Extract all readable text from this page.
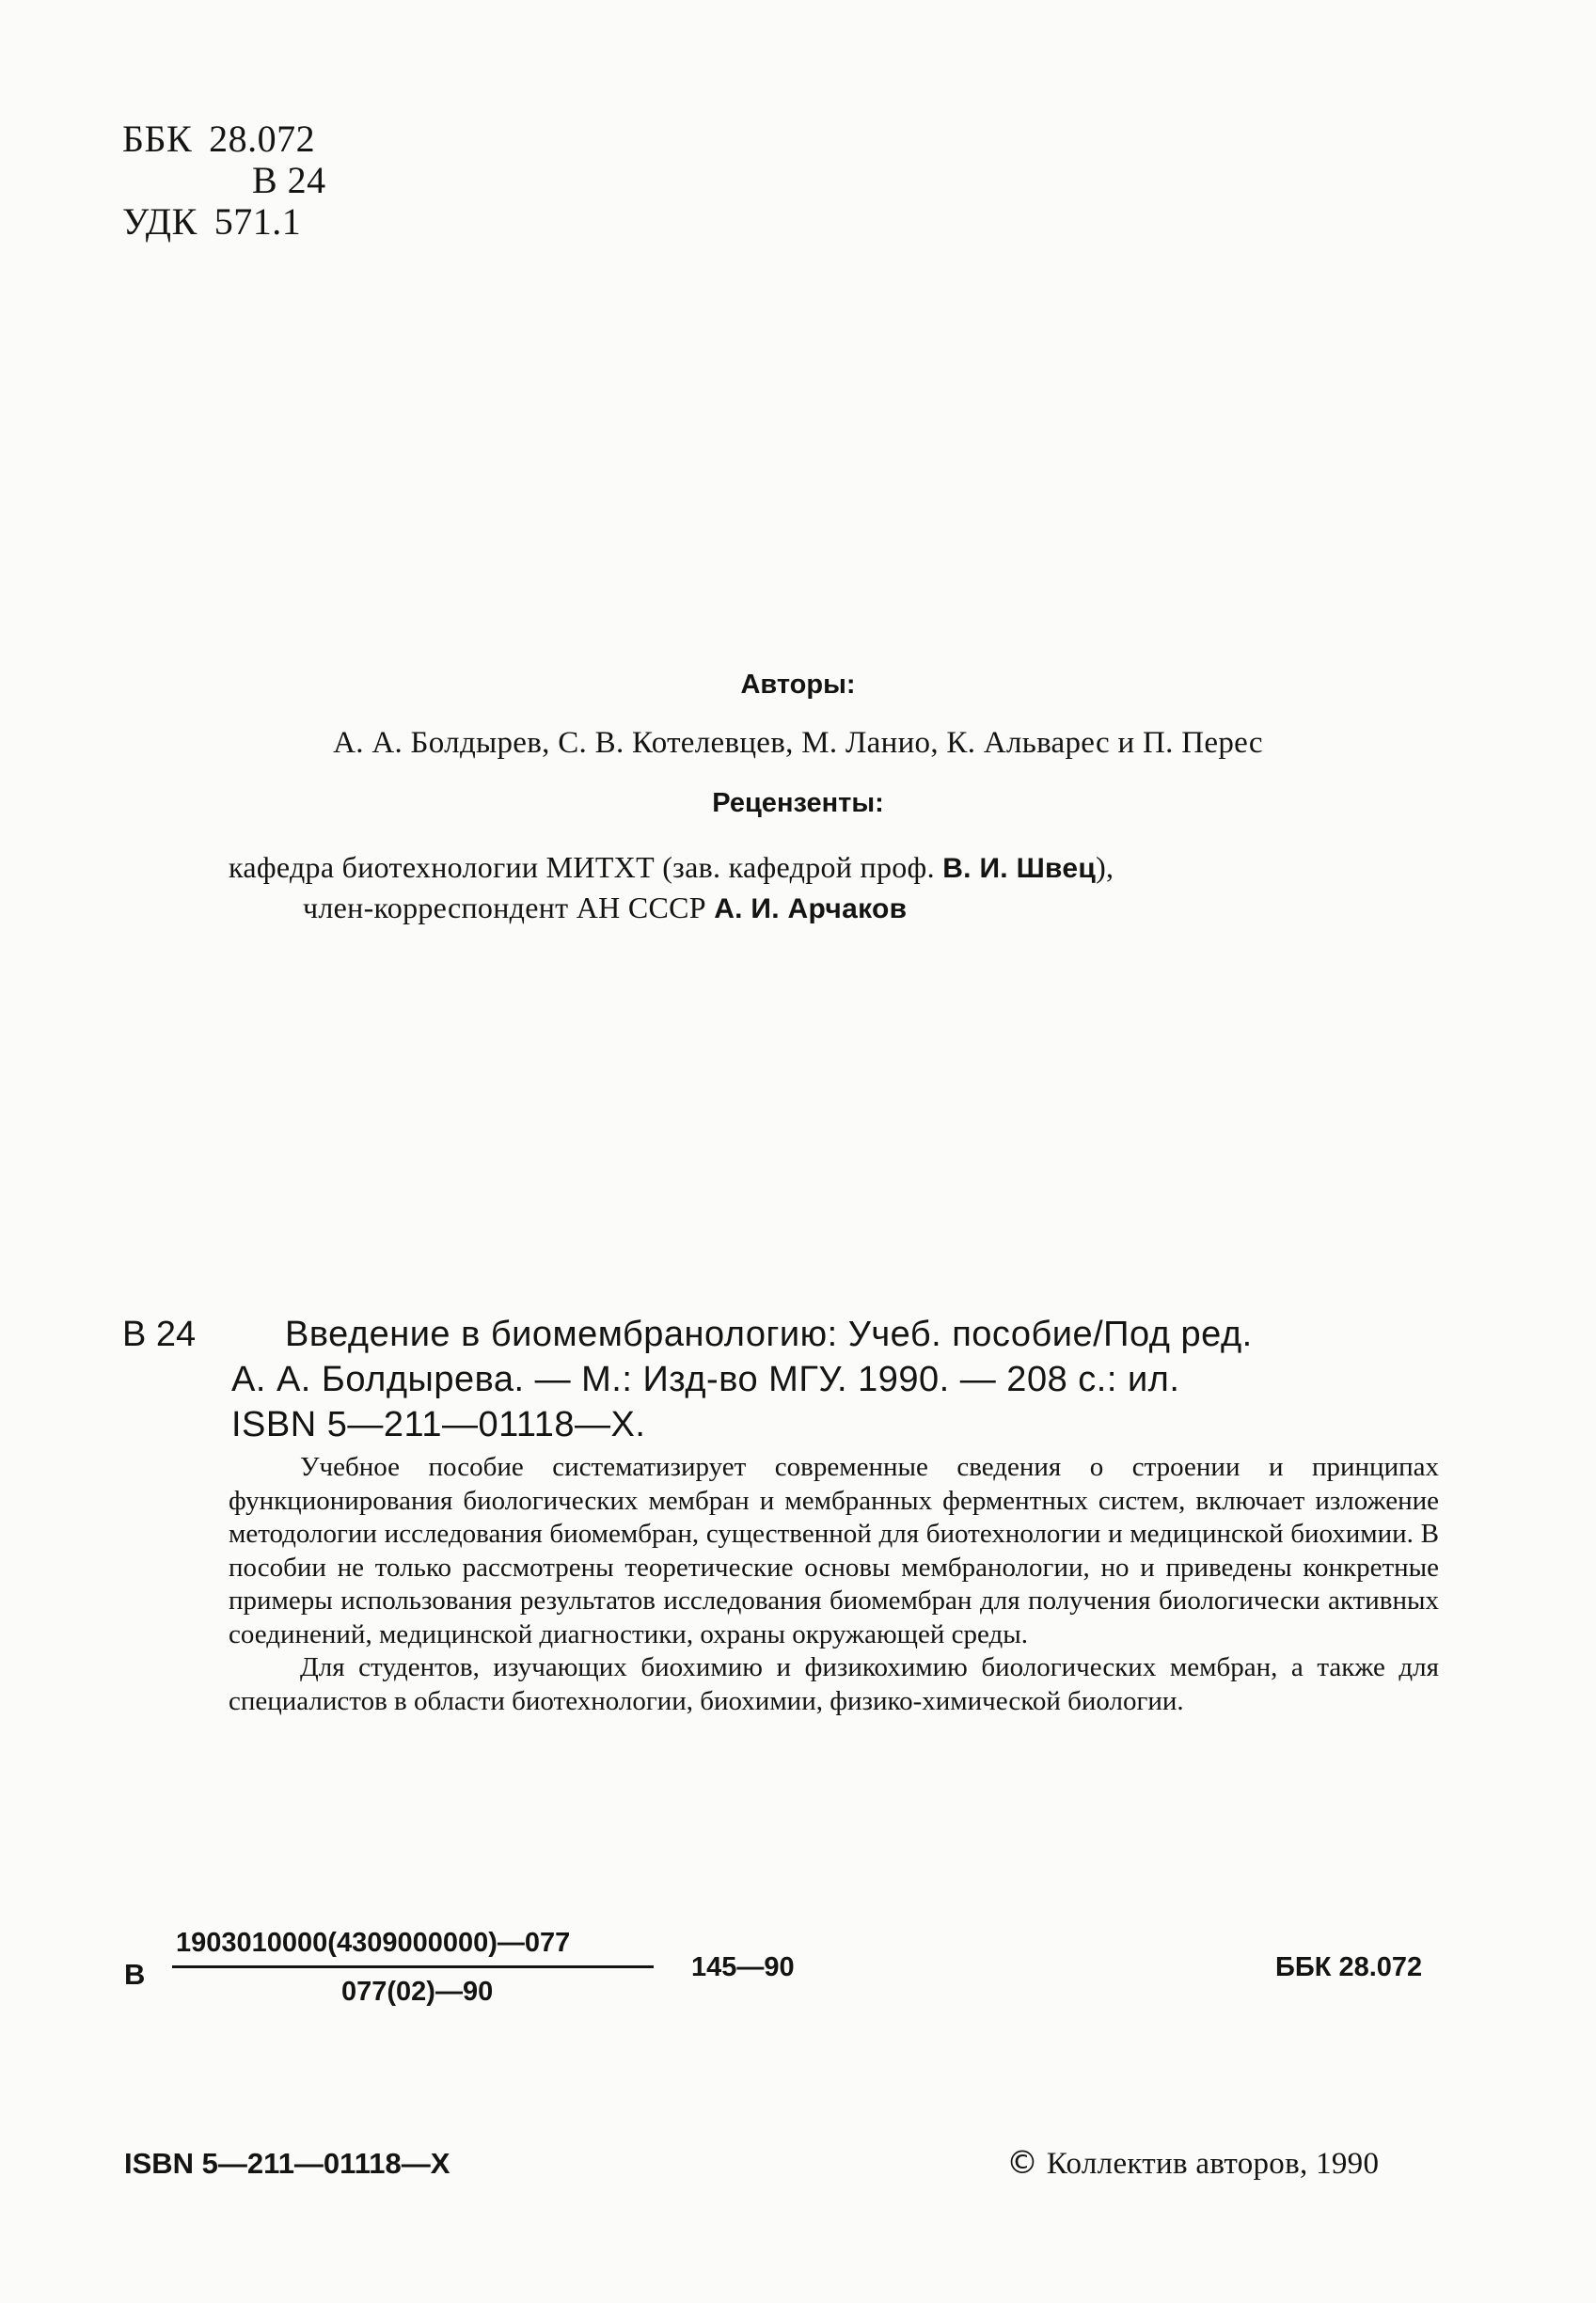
ББК 28.072
В 24
УДК 571.1
Авторы:
А. А. Болдырев, С. В. Котелевцев, М. Ланио, К. Альварес и П. Перес
Рецензенты:
кафедра биотехнологии МИТХТ (зав. кафедрой проф. В. И. Швец),
член-корреспондент АН СССР А. И. Арчаков
В 24 Введение в биомембранологию: Учеб. пособие/Под ред.
А. А. Болдырева. — М.: Изд-во МГУ. 1990. — 208 с.: ил.
ISBN 5—211—01118—X.

Учебное пособие систематизирует современные сведения о строении и принципах функционирования биологических мембран и мембранных ферментных систем, включает изложение методологии исследования биомембран, существенной для биотехнологии и медицинской биохимии. В пособии не только рассмотрены теоретические основы мембранологии, но и приведены конкретные примеры использования результатов исследования биомембран для получения биологически активных соединений, медицинской диагностики, охраны окружающей среды.

Для студентов, изучающих биохимию и физикохимию биологических мембран, а также для специалистов в области биотехнологии, биохимии, физико-химической биологии.

В
1903010000(4309000000)—077
077(02)—90
145—90	ББК 28.072
ISBN 5—211—01118—X	© Коллектив авторов, 1990
